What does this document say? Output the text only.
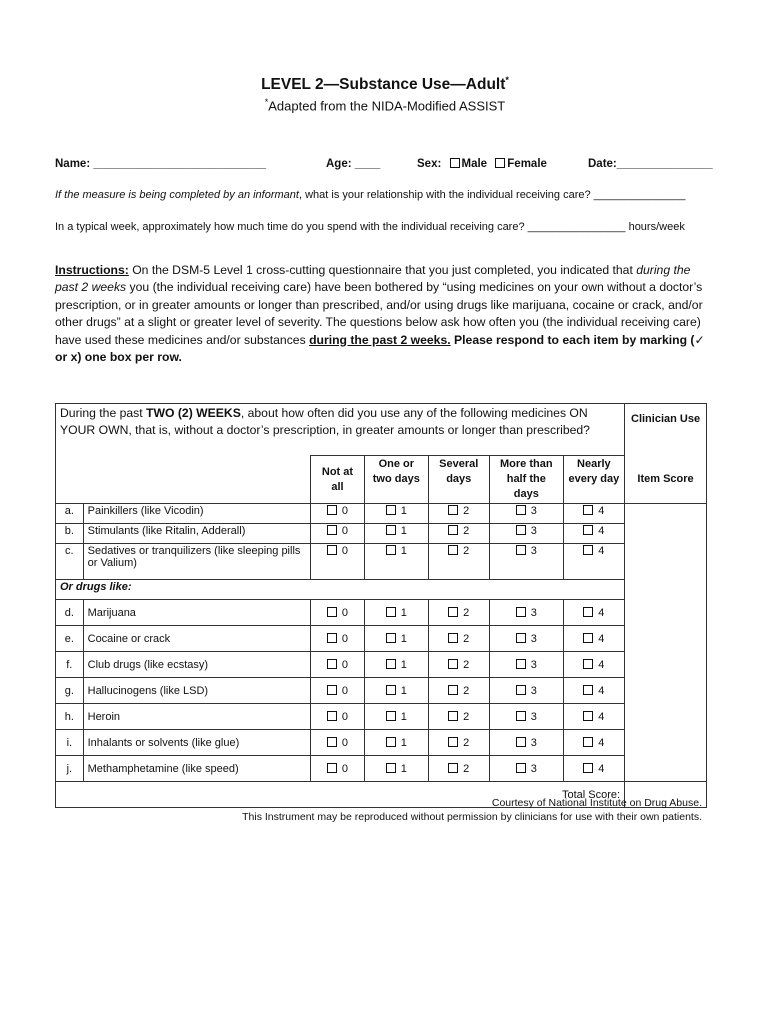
LEVEL 2—Substance Use—Adult*
*Adapted from the NIDA-Modified ASSIST
Name: ___________________________	Age: ____	Sex: Male Female	Date:_______________
If the measure is being completed by an informant, what is your relationship with the individual receiving care? _______________
In a typical week, approximately how much time do you spend with the individual receiving care? ________________ hours/week
Instructions: On the DSM-5 Level 1 cross-cutting questionnaire that you just completed, you indicated that during the past 2 weeks you (the individual receiving care) have been bothered by “using medicines on your own without a doctor’s prescription, or in greater amounts or longer than prescribed, and/or using drugs like marijuana, cocaine or crack, and/or other drugs” at a slight or greater level of severity. The questions below ask how often you (the individual receiving care) have used these medicines and/or substances during the past 2 weeks. Please respond to each item by marking (✓ or x) one box per row.
During the past TWO (2) WEEKS, about how often did you use any of the following medicines ON YOUR OWN, that is, without a doctor’s prescription, in greater amounts or longer than prescribed?							Clinician Use
		Not at all	One or two days	Several days	More than half the days	Nearly every day	Item Score
a.	Painkillers (like Vicodin)	0	1	2	3	4	
b.	Stimulants (like Ritalin, Adderall)	0	1	2	3	4	
c.	Sedatives or tranquilizers (like sleeping pills or Valium)	0	1	2	3	4	
Or drugs like:							
d.	Marijuana	0	1	2	3	4	
e.	Cocaine or crack	0	1	2	3	4	
f.	Club drugs (like ecstasy)	0	1	2	3	4	
g.	Hallucinogens (like LSD)	0	1	2	3	4	
h.	Heroin	0	1	2	3	4	
i.	Inhalants or solvents (like glue)	0	1	2	3	4	
j.	Methamphetamine (like speed)	0	1	2	3	4	
Total Score:							
Courtesy of National Institute on Drug Abuse.
This Instrument may be reproduced without permission by clinicians for use with their own patients.
